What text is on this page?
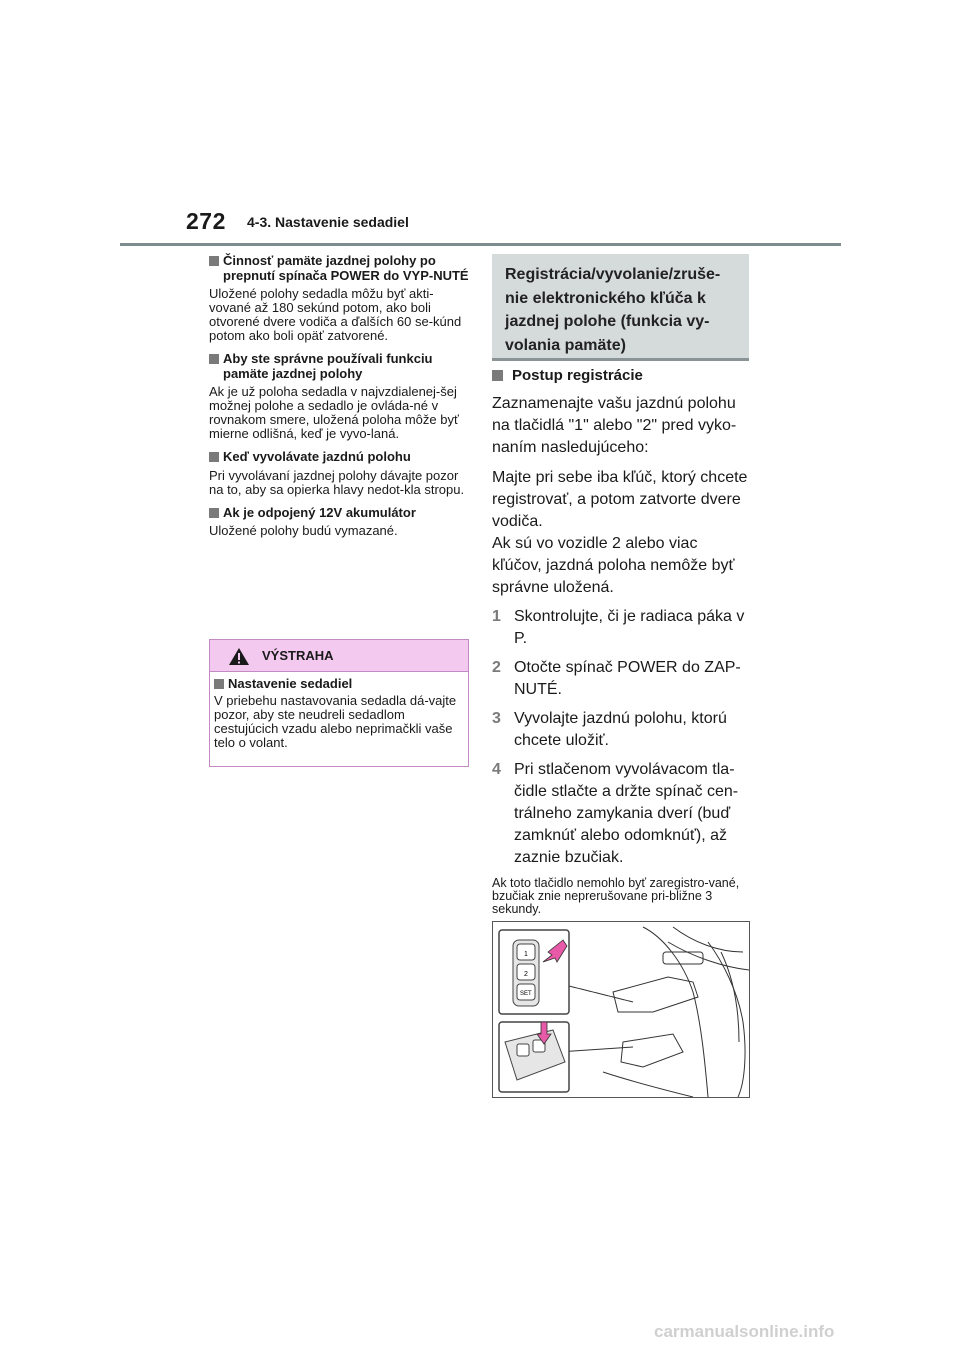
272 4-3. Nastavenie sedadiel
Činnosť pamäte jazdnej polohy po prepnutí spínača POWER do VYP-NUTÉ
Uložené polohy sedadla môžu byť akti-vované až 180 sekúnd potom, ako boli otvorené dvere vodiča a ďalších 60 se-kúnd potom ako boli opäť zatvorené.
Aby ste správne používali funkciu pamäte jazdnej polohy
Ak je už poloha sedadla v najvzdialenej-šej možnej polohe a sedadlo je ovláda-né v rovnakom smere, uložená poloha môže byť mierne odlišná, keď je vyvo-laná.
Keď vyvolávate jazdnú polohu
Pri vyvolávaní jazdnej polohy dávajte pozor na to, aby sa opierka hlavy nedot-kla stropu.
Ak je odpojený 12V akumulátor
Uložené polohy budú vymazané.
VÝSTRAHA
Nastavenie sedadiel
V priebehu nastavovania sedadla dá-vajte pozor, aby ste neudreli sedadlom cestujúcich vzadu alebo neprimačkli vaše telo o volant.
Registrácia/vyvolanie/zruše-nie elektronického kľúča k jazdnej polohe (funkcia vy-volania pamäte)
Postup registrácie
Zaznamenajte vašu jazdnú polohu na tlačidlá "1" alebo "2" pred vyko-naním nasledujúceho:
Majte pri sebe iba kľúč, ktorý chcete registrovať, a potom zatvorte dvere vodiča.
Ak sú vo vozidle 2 alebo viac kľúčov, jazdná poloha nemôže byť správne uložená.
1 Skontrolujte, či je radiaca páka v P.
2 Otočte spínač POWER do ZAP-NUTÉ.
3 Vyvolajte jazdnú polohu, ktorú chcete uložiť.
4 Pri stlačenom vyvolávacom tla-čidle stlačte a držte spínač cen-trálneho zamykania dverí (buď zamknúť alebo odomknúť), až zaznie bzučiak.
Ak toto tlačidlo nemohlo byť zaregistro-vané, bzučiak znie neprerušovane pri-bližne 3 sekundy.
1
2
SET
carmanualsonline.info
